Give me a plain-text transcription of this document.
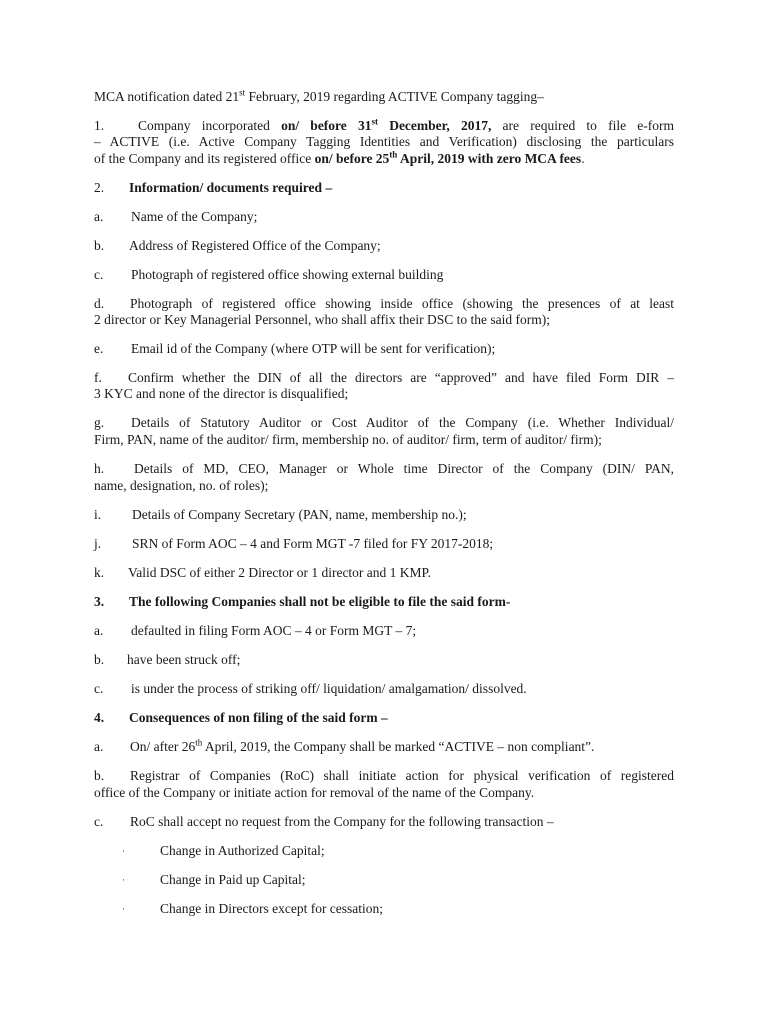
MCA notification dated 21st February, 2019 regarding ACTIVE Company tagging–
1.	Company incorporated on/ before 31st December, 2017, are required to file e-form
– ACTIVE (i.e. Active Company Tagging Identities and Verification) disclosing the particulars
of the Company and its registered office on/ before 25th April, 2019 with zero MCA fees.
2. Information/ documents required –
a. Name of the Company;
b. Address of Registered Office of the Company;
c. Photograph of registered office showing external building
d. Photograph of registered office showing inside office (showing the presences of at least
2 director or Key Managerial Personnel, who shall affix their DSC to the said form);
e. Email id of the Company (where OTP will be sent for verification);
f. Confirm whether the DIN of all the directors are “approved” and have filed Form DIR –
3 KYC and none of the director is disqualified;
g. Details of Statutory Auditor or Cost Auditor of the Company (i.e. Whether Individual/
Firm, PAN, name of the auditor/ firm, membership no. of auditor/ firm, term of auditor/ firm);
h. Details of MD, CEO, Manager or Whole time Director of the Company (DIN/ PAN,
name, designation, no. of roles);
i. Details of Company Secretary (PAN, name, membership no.);
j. SRN of Form AOC – 4 and Form MGT -7 filed for FY 2017-2018;
k. Valid DSC of either 2 Director or 1 director and 1 KMP.
3. The following Companies shall not be eligible to file the said form-
a. defaulted in filing Form AOC – 4 or Form MGT – 7;
b. have been struck off;
c. is under the process of striking off/ liquidation/ amalgamation/ dissolved.
4. Consequences of non filing of the said form –
a. On/ after 26th April, 2019, the Company shall be marked “ACTIVE – non compliant”.
b. Registrar of Companies (RoC) shall initiate action for physical verification of registered
office of the Company or initiate action for removal of the name of the Company.
c. RoC shall accept no request from the Company for the following transaction –
·	Change in Authorized Capital;
·	Change in Paid up Capital;
·	Change in Directors except for cessation;
